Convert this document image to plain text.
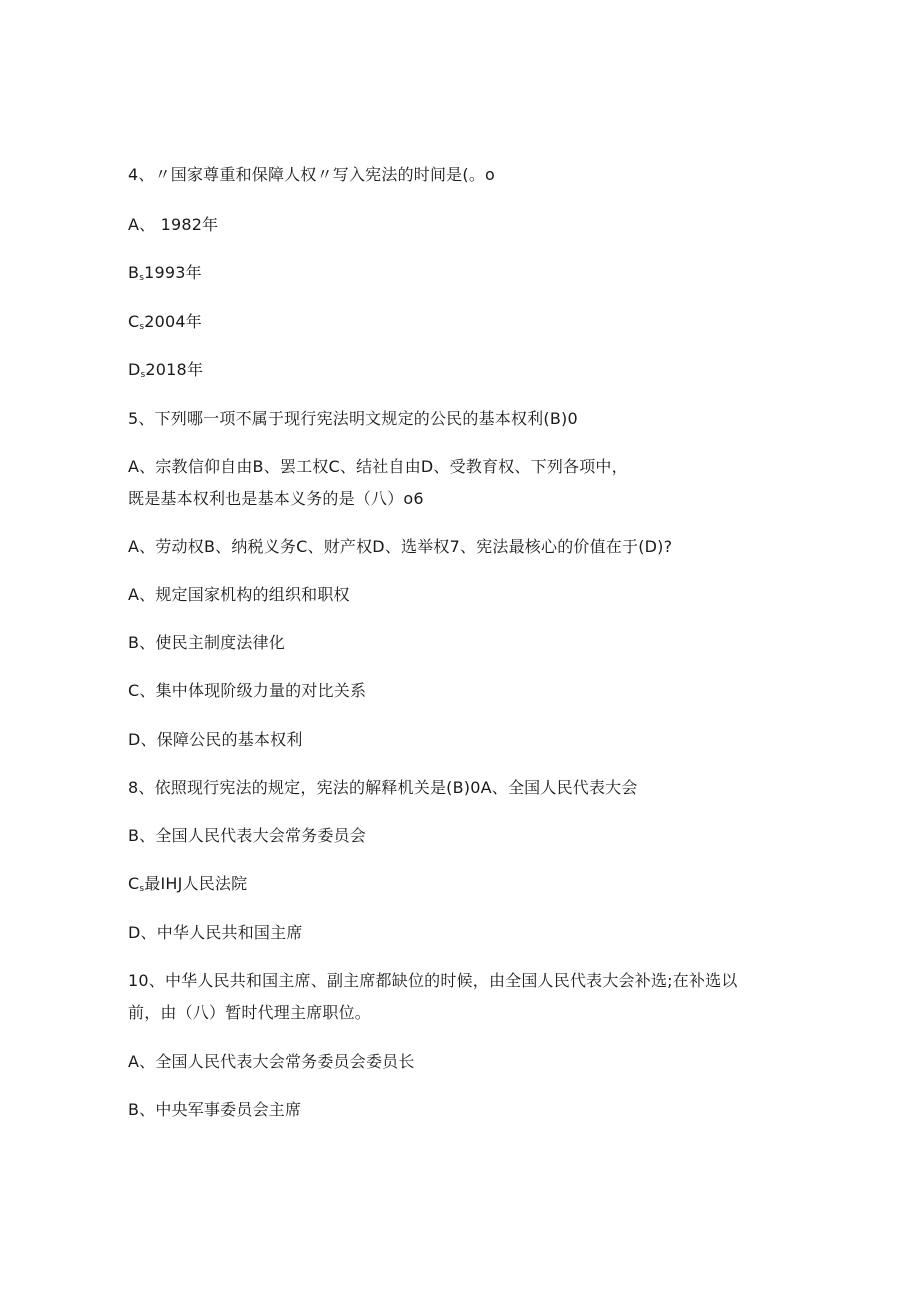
4、〃国家尊重和保障人权〃写入宪法的时间是(。o
A、 1982年
$B_s1993$年
$C_s2004$年
$D_s2018$年
5、下列哪一项不属于现行宪法明文规定的公民的基本权利(B)0
A、宗教信仰自由B、罢工权C、结社自由D、受教育权、下列各项中，
既是基本权利也是基本义务的是（八）o6
A、劳动权B、纳税义务C、财产权D、选举权7、宪法最核心的价值在于(D)?
A、规定国家机构的组织和职权
B、使民主制度法律化
C、集中体现阶级力量的对比关系
D、保障公民的基本权利
8、依照现行宪法的规定，宪法的解释机关是(B)0A、全国人民代表大会
B、全国人民代表大会常务委员会
$C_s$最IHJ人民法院
D、中华人民共和国主席
10、中华人民共和国主席、副主席都缺位的时候，由全国人民代表大会补选;在补选以
前，由（八）暂时代理主席职位。
A、全国人民代表大会常务委员会委员长
B、中央军事委员会主席
